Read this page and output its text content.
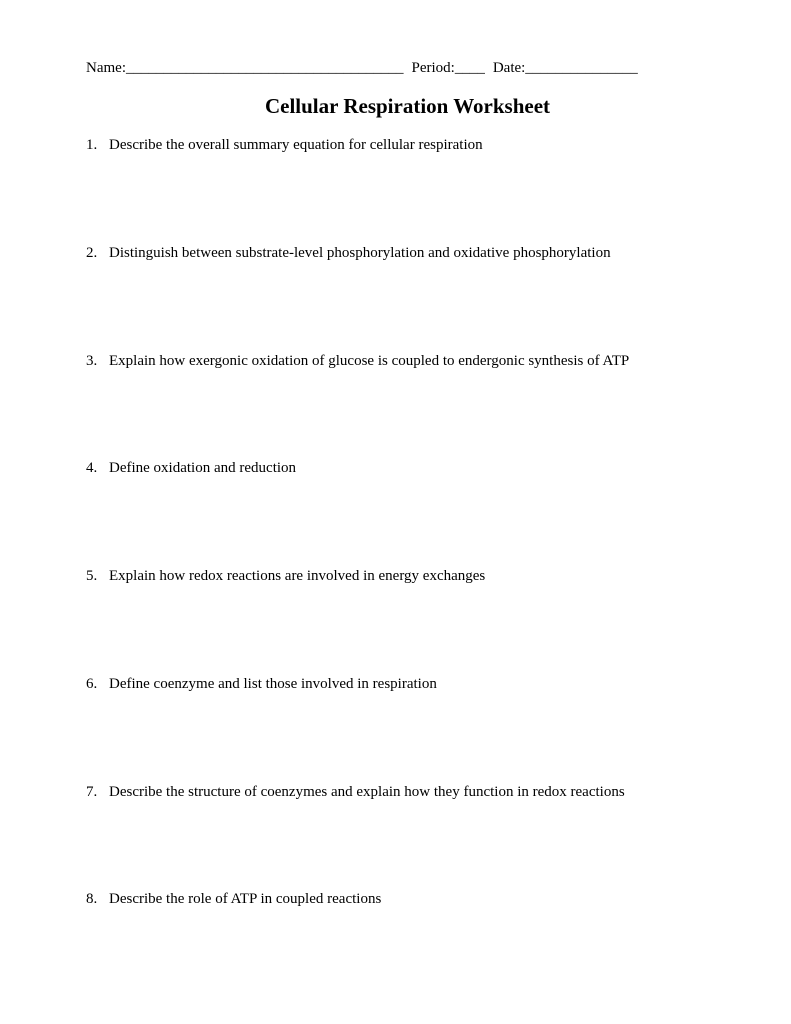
Name:_____________________________________ Period:____ Date:_______________
Cellular Respiration Worksheet
1. Describe the overall summary equation for cellular respiration
2. Distinguish between substrate-level phosphorylation and oxidative phosphorylation
3. Explain how exergonic oxidation of glucose is coupled to endergonic synthesis of ATP
4. Define oxidation and reduction
5. Explain how redox reactions are involved in energy exchanges
6. Define coenzyme and list those involved in respiration
7. Describe the structure of coenzymes and explain how they function in redox reactions
8. Describe the role of ATP in coupled reactions
